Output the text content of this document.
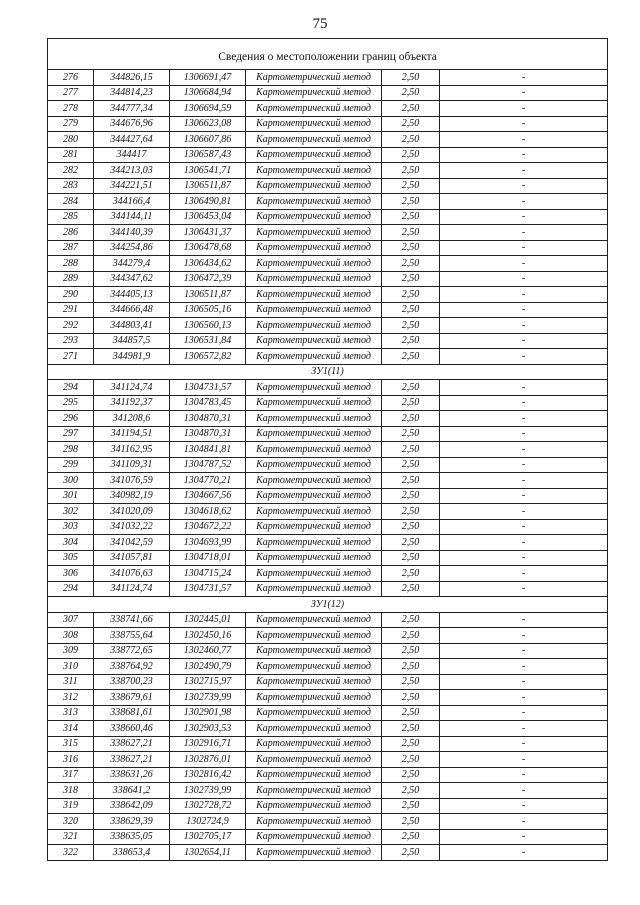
75
Сведения о местоположении границ объекта					
276	344826,15	1306691,47	Картометрический метод	2,50	-
277	344814,23	1306684,94	Картометрический метод	2,50	-
278	344777,34	1306694,59	Картометрический метод	2,50	-
279	344676,96	1306623,08	Картометрический метод	2,50	-
280	344427,64	1306607,86	Картометрический метод	2,50	-
281	344417	1306587,43	Картометрический метод	2,50	-
282	344213,03	1306541,71	Картометрический метод	2,50	-
283	344221,51	1306511,87	Картометрический метод	2,50	-
284	344166,4	1306490,81	Картометрический метод	2,50	-
285	344144,11	1306453,04	Картометрический метод	2,50	-
286	344140,39	1306431,37	Картометрический метод	2,50	-
287	344254,86	1306478,68	Картометрический метод	2,50	-
288	344279,4	1306434,62	Картометрический метод	2,50	-
289	344347,62	1306472,39	Картометрический метод	2,50	-
290	344405,13	1306511,87	Картометрический метод	2,50	-
291	344666,48	1306505,16	Картометрический метод	2,50	-
292	344803,41	1306560,13	Картометрический метод	2,50	-
293	344857,5	1306531,84	Картометрический метод	2,50	-
271	344981,9	1306572,82	Картометрический метод	2,50	-
ЗУ1(11)					
294	341124,74	1304731,57	Картометрический метод	2,50	-
295	341192,37	1304783,45	Картометрический метод	2,50	-
296	341208,6	1304870,31	Картометрический метод	2,50	-
297	341194,51	1304870,31	Картометрический метод	2,50	-
298	341162,95	1304841,81	Картометрический метод	2,50	-
299	341109,31	1304787,52	Картометрический метод	2,50	-
300	341076,59	1304770,21	Картометрический метод	2,50	-
301	340982,19	1304667,56	Картометрический метод	2,50	-
302	341020,09	1304618,62	Картометрический метод	2,50	-
303	341032,22	1304672,22	Картометрический метод	2,50	-
304	341042,59	1304693,99	Картометрический метод	2,50	-
305	341057,81	1304718,01	Картометрический метод	2,50	-
306	341076,63	1304715,24	Картометрический метод	2,50	-
294	341124,74	1304731,57	Картометрический метод	2,50	-
ЗУ1(12)					
307	338741,66	1302445,01	Картометрический метод	2,50	-
308	338755,64	1302450,16	Картометрический метод	2,50	-
309	338772,65	1302460,77	Картометрический метод	2,50	-
310	338764,92	1302490,79	Картометрический метод	2,50	-
311	338700,23	1302715,97	Картометрический метод	2,50	-
312	338679,61	1302739,99	Картометрический метод	2,50	-
313	338681,61	1302901,98	Картометрический метод	2,50	-
314	338660,46	1302903,53	Картометрический метод	2,50	-
315	338627,21	1302916,71	Картометрический метод	2,50	-
316	338627,21	1302876,01	Картометрический метод	2,50	-
317	338631,26	1302816,42	Картометрический метод	2,50	-
318	338641,2	1302739,99	Картометрический метод	2,50	-
319	338642,09	1302728,72	Картометрический метод	2,50	-
320	338629,39	1302724,9	Картометрический метод	2,50	-
321	338635,05	1302705,17	Картометрический метод	2,50	-
322	338653,4	1302654,11	Картометрический метод	2,50	-
